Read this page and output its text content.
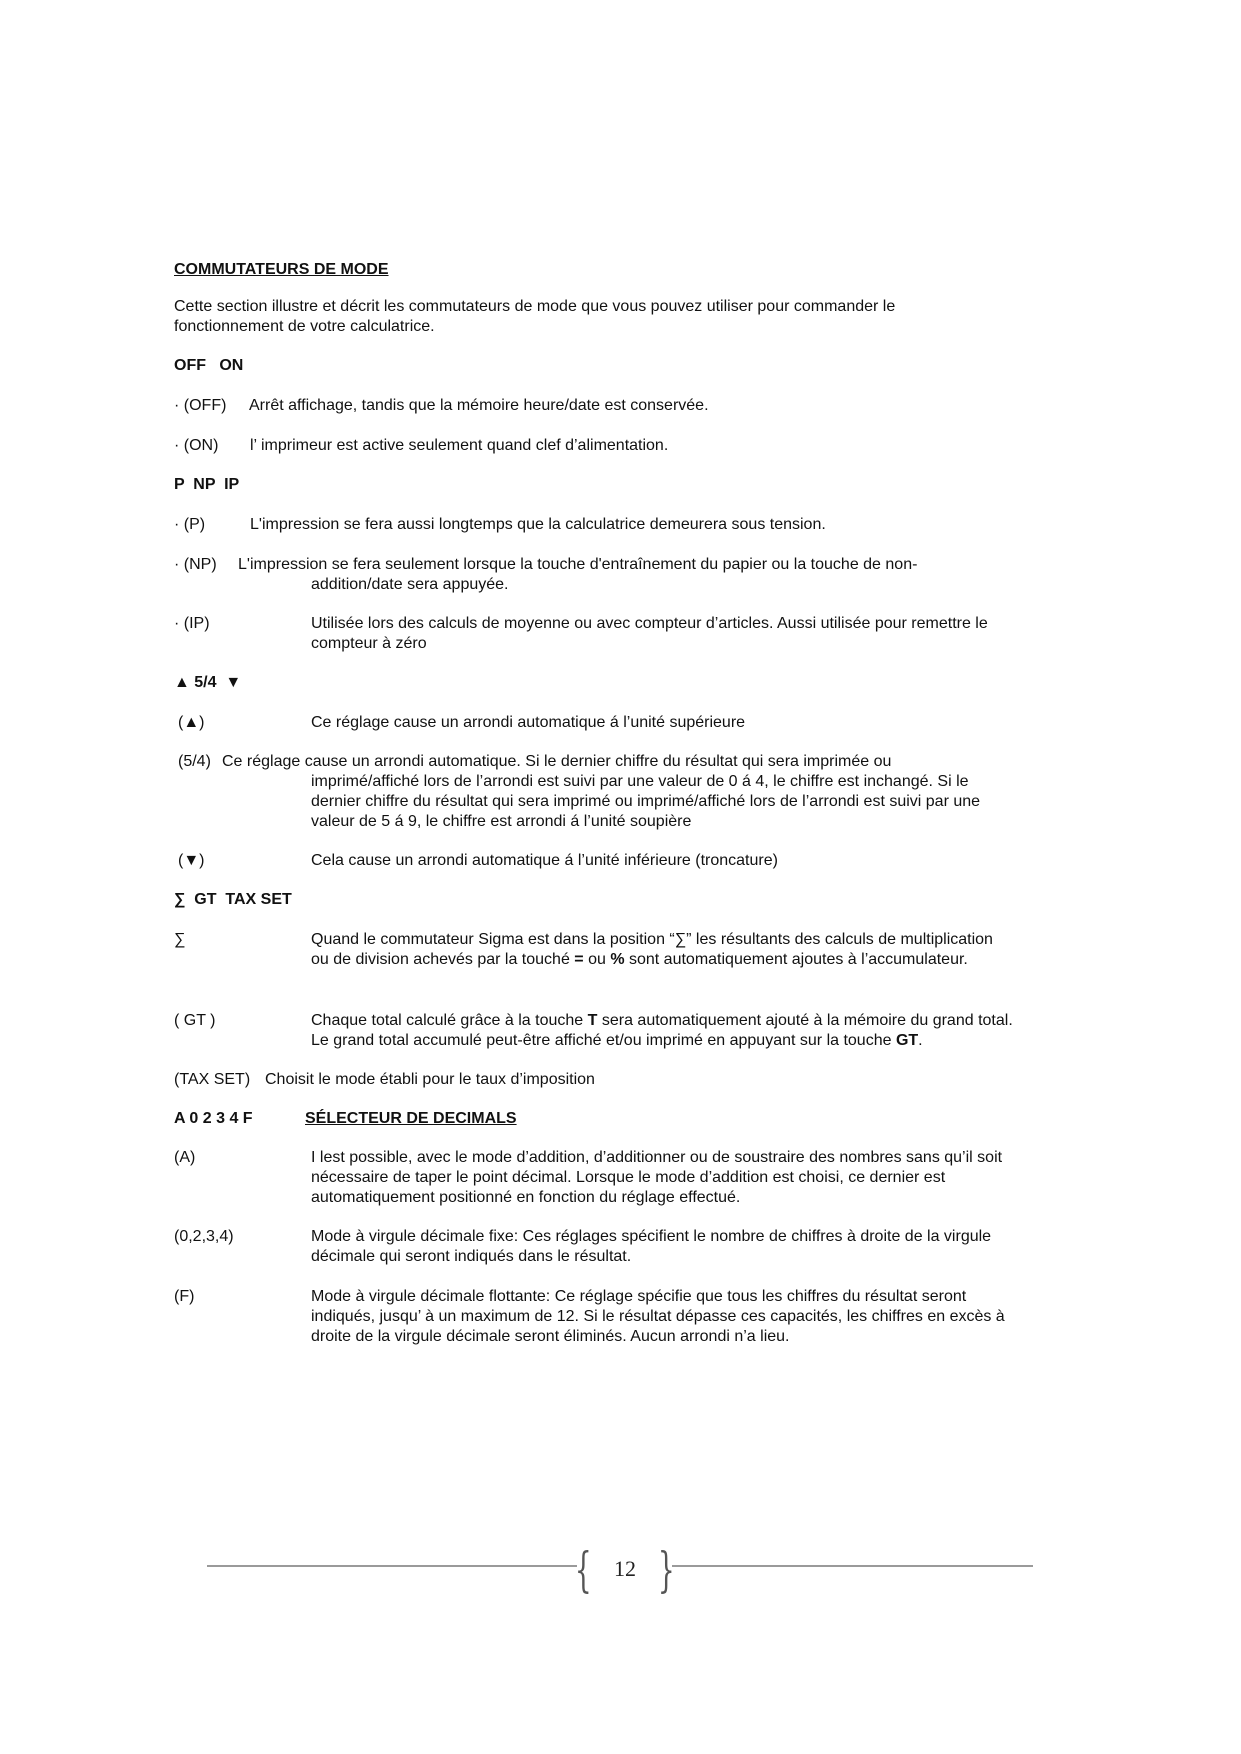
COMMUTATEURS DE MODE
Cette section illustre et décrit les commutateurs de mode que vous pouvez utiliser pour commander le
fonctionnement de votre calculatrice.
OFF   ON
· (OFF) Arrêt affichage, tandis que la mémoire heure/date est conservée.
· (ON) l’ imprimeur est active seulement quand clef d’alimentation.
P  NP  IP
· (P)	L'impression se fera aussi longtemps que la calculatrice demeurera sous tension.
· (NP) L'impression se fera seulement lorsque la touche d'entraînement du papier ou la touche de non-
addition/date sera appuyée.
· (IP)	Utilisée lors des calculs de moyenne ou avec compteur d’articles. Aussi utilisée pour remettre le
compteur à zéro
▲ 5/4  ▼
(▲)	Ce réglage cause un arrondi automatique á l’unité supérieure
(5/4) Ce réglage cause un arrondi automatique. Si le dernier chiffre du résultat qui sera imprimée ou
imprimé/affiché lors de l’arrondi est suivi par une valeur de 0 á 4, le chiffre est inchangé. Si le
dernier chiffre du résultat qui sera imprimé ou imprimé/affiché lors de l’arrondi est suivi par une
valeur de 5 á 9, le chiffre est arrondi á l’unité soupière
(▼)	Cela cause un arrondi automatique á l’unité inférieure (troncature)
∑  GT  TAX SET
∑	Quand le commutateur Sigma est dans la position “∑” les résultants des calculs de multiplication
ou de division achevés par la touché = ou % sont automatiquement ajoutes à l’accumulateur.
( GT )	Chaque total calculé grâce à la touche T sera automatiquement ajouté à la mémoire du grand total.
Le grand total accumulé peut-être affiché et/ou imprimé en appuyant sur la touche GT.
(TAX SET) Choisit le mode établi pour le taux d’imposition
A 0 2 3 4 F	SÉLECTEUR DE DECIMALS
(A)	I lest possible, avec le mode d’addition, d’additionner ou de soustraire des nombres sans qu’il soit
nécessaire de taper le point décimal. Lorsque le mode d’addition est choisi, ce dernier est
automatiquement positionné en fonction du réglage effectué.
(0,2,3,4)	Mode à virgule décimale fixe: Ces réglages spécifient le nombre de chiffres à droite de la virgule
décimale qui seront indiqués dans le résultat.
(F)	Mode à virgule décimale flottante: Ce réglage spécifie que tous les chiffres du résultat seront
indiqués, jusqu’ à un maximum de 12. Si le résultat dépasse ces capacités, les chiffres en excès à
droite de la virgule décimale seront éliminés. Aucun arrondi n’a lieu.
{	12 }
